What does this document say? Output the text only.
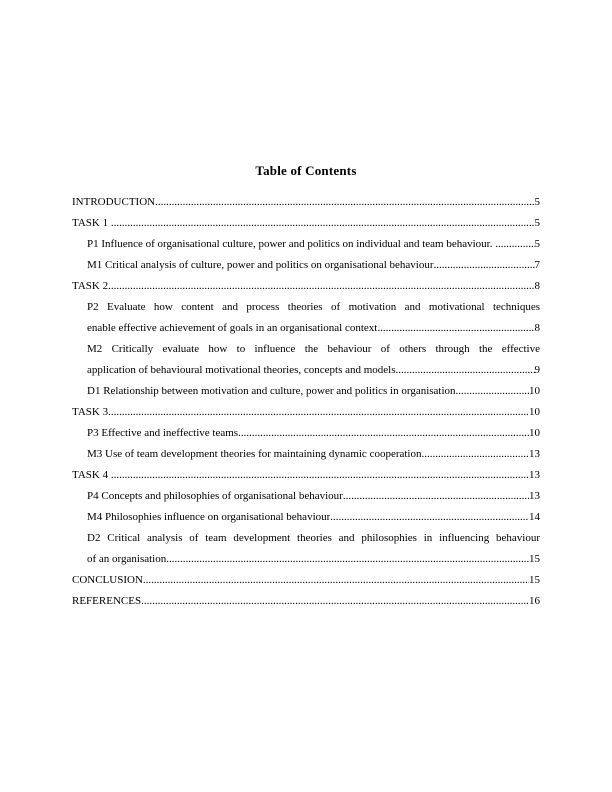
Table of Contents
INTRODUCTION .....	5
TASK 1 .....	5
P1 Influence of organisational culture, power and politics on individual and team behaviour. .....	5
M1 Critical analysis of culture, power and politics on organisational behaviour .....	7
TASK 2 .....	8
P2 Evaluate how content and process theories of motivation and motivational techniques
enable effective achievement of goals in an organisational context .....	8
M2 Critically evaluate how to influence the behaviour of others through the effective
application of behavioural motivational theories, concepts and models .....	9
D1 Relationship between motivation and culture, power and politics in organisation .....	10
TASK 3 .....	10
P3 Effective and ineffective teams .....	10
M3 Use of team development theories for maintaining dynamic cooperation .....	13
TASK 4 .....	13
P4 Concepts and philosophies of organisational behaviour .....	13
M4 Philosophies influence on organisational behaviour .....	14
D2 Critical analysis of team development theories and philosophies in influencing behaviour
of an organisation .....	15
CONCLUSION .....	15
REFERENCES .....	16
